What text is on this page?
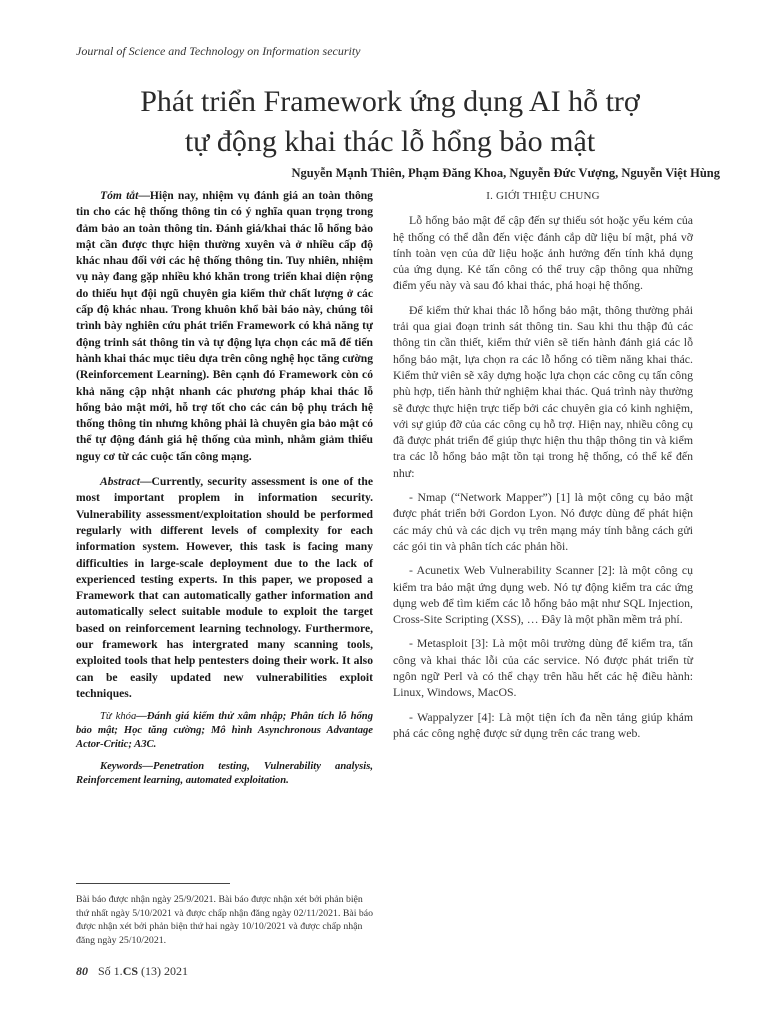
Journal of Science and Technology on Information security
Phát triển Framework ứng dụng AI hỗ trợ
tự động khai thác lỗ hổng bảo mật
Nguyễn Mạnh Thiên, Phạm Đăng Khoa, Nguyễn Đức Vượng, Nguyễn Việt Hùng

Tóm tắt—Hiện nay, nhiệm vụ đánh giá an toàn thông tin cho các hệ thống thông tin có ý nghĩa quan trọng trong đảm bảo an toàn thông tin. Đánh giá/khai thác lỗ hổng bảo mật cần được thực hiện thường xuyên và ở nhiều cấp độ khác nhau đối với các hệ thống thông tin. Tuy nhiên, nhiệm vụ này đang gặp nhiều khó khăn trong triển khai diện rộng do thiếu hụt đội ngũ chuyên gia kiểm thử chất lượng ở các cấp độ khác nhau. Trong khuôn khổ bài báo này, chúng tôi trình bày nghiên cứu phát triển Framework có khả năng tự động trinh sát thông tin và tự động lựa chọn các mã để tiến hành khai thác mục tiêu dựa trên công nghệ học tăng cường (Reinforcement Learning). Bên cạnh đó Framework còn có khả năng cập nhật nhanh các phương pháp khai thác lỗ hổng bảo mật mới, hỗ trợ tốt cho các cán bộ phụ trách hệ thống thông tin nhưng không phải là chuyên gia bảo mật có thể tự động đánh giá hệ thống của mình, nhằm giảm thiểu nguy cơ từ các cuộc tấn công mạng.

Abstract—Currently, security assessment is one of the most important proplem in information security. Vulnerability assessment/exploitation should be performed regularly with different levels of complexity for each information system. However, this task is facing many difficulties in large-scale deployment due to the lack of experienced testing experts. In this paper, we proposed a Framework that can automatically gather information and automatically select suitable module to exploit the target based on reinforcement learning technology. Furthermore, our framework has intergrated many scanning tools, exploited tools that help pentesters doing their work. It also can be easily updated new vulnerabilities exploit techniques.

Từ khóa—Đánh giá kiểm thử xâm nhập; Phân tích lỗ hổng bảo mật; Học tăng cường; Mô hình Asynchronous Advantage Actor-Critic; A3C.

Keywords—Penetration testing, Vulnerability analysis, Reinforcement learning, automated exploitation.

I. GIỚI THIỆU CHUNG

Lỗ hổng bảo mật để cập đến sự thiếu sót hoặc yếu kém của hệ thống có thể dẫn đến việc đánh cắp dữ liệu bí mật, phá vỡ tính toàn vẹn của dữ liệu hoặc ảnh hưởng đến tính khả dụng của ứng dụng. Kẻ tấn công có thể truy cập thông qua những điểm yếu này và sau đó khai thác, phá hoại hệ thống.

Để kiểm thử khai thác lỗ hổng bảo mật, thông thường phải trải qua giai đoạn trinh sát thông tin. Sau khi thu thập đủ các thông tin cần thiết, kiểm thử viên sẽ tiến hành đánh giá các lỗ hổng bảo mật, lựa chọn ra các lỗ hổng có tiềm năng khai thác. Kiểm thử viên sẽ xây dựng hoặc lựa chọn các công cụ tấn công phù hợp, tiến hành thử nghiệm khai thác. Quá trình này thường sẽ được thực hiện trực tiếp bởi các chuyên gia có kinh nghiệm, với sự giúp đỡ của các công cụ hỗ trợ. Hiện nay, nhiều công cụ đã được phát triển để giúp thực hiện thu thập thông tin và kiểm tra các lỗ hổng bảo mật tồn tại trong hệ thống, có thể kể đến như:

- Nmap (“Network Mapper”) [1] là một công cụ bảo mật được phát triển bởi Gordon Lyon. Nó được dùng để phát hiện các máy chủ và các dịch vụ trên mạng máy tính bằng cách gửi các gói tin và phân tích các phản hồi.

- Acunetix Web Vulnerability Scanner [2]: là một công cụ kiểm tra bảo mật ứng dụng web. Nó tự động kiểm tra các ứng dụng web để tìm kiếm các lỗ hổng bảo mật như SQL Injection, Cross-Site Scripting (XSS), … Đây là một phần mềm trả phí.

- Metasploit [3]: Là một môi trường dùng để kiểm tra, tấn công và khai thác lỗi của các service. Nó được phát triển từ ngôn ngữ Perl và có thể chạy trên hầu hết các hệ điều hành: Linux, Windows, MacOS.

- Wappalyzer [4]: Là một tiện ích đa nền tảng giúp khám phá các công nghệ được sử dụng trên các trang web.

Bài báo được nhận ngày 25/9/2021. Bài báo được nhận xét bởi phản biện thứ nhất ngày 5/10/2021 và được chấp nhận đăng ngày 02/11/2021. Bài báo được nhận xét bởi phản biện thứ hai ngày 10/10/2021 và được chấp nhận đăng ngày 25/10/2021.

80 Số 1.CS (13) 2021
